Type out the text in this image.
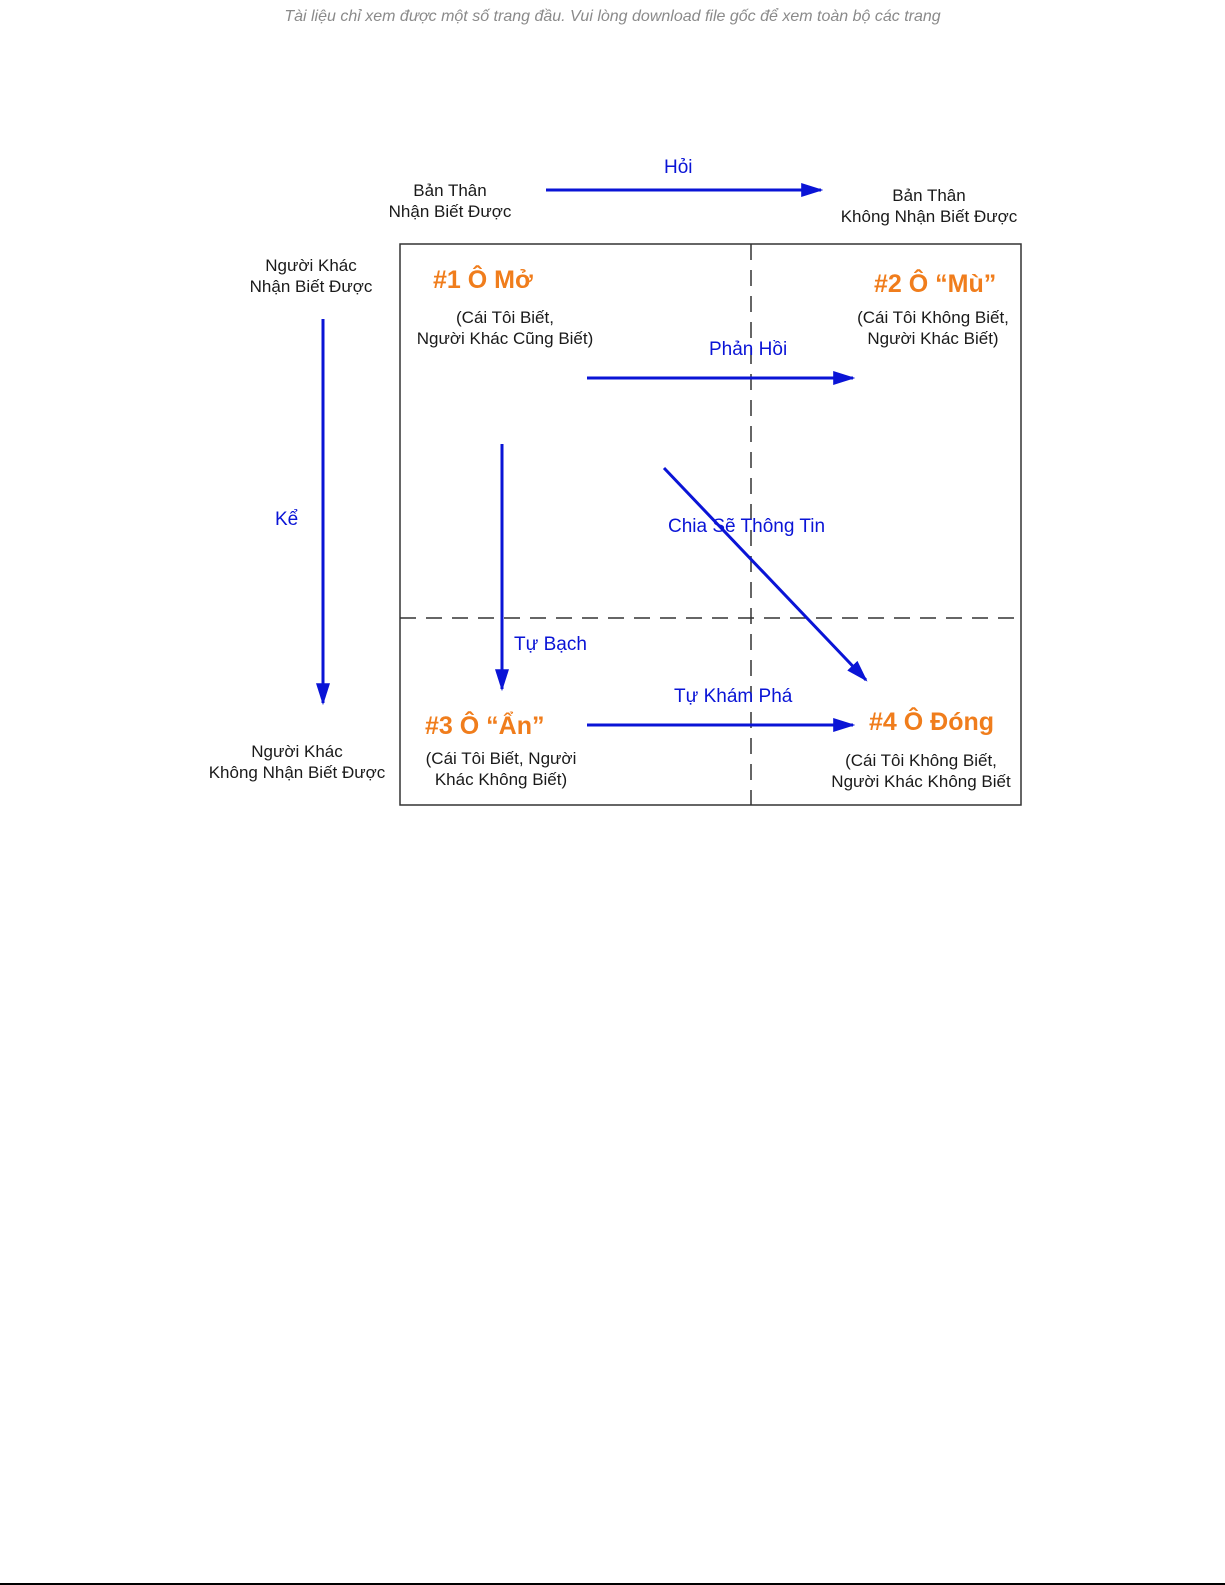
Tài liệu chỉ xem được một số trang đầu. Vui lòng download file gốc để xem toàn bộ các trang
Bản Thân
Nhận Biết Được
Bản Thân
Không Nhận Biết Được
Người Khác
Nhận Biết Được
Người Khác
Không Nhận Biết Được
#1 Ô Mở
(Cái Tôi Biết,
Người Khác Cũng Biết)
#2 Ô “Mù”
(Cái Tôi Không Biết,
Người Khác Biết)
#3 Ô “Ẩn”
(Cái Tôi Biết, Người
Khác Không Biết)
#4 Ô Đóng
(Cái Tôi Không Biết,
Người Khác Không Biết
Hỏi
Kể
Phản Hồi
Tự Bạch
Chia Sẽ Thông Tin
Tự Khám Phá
